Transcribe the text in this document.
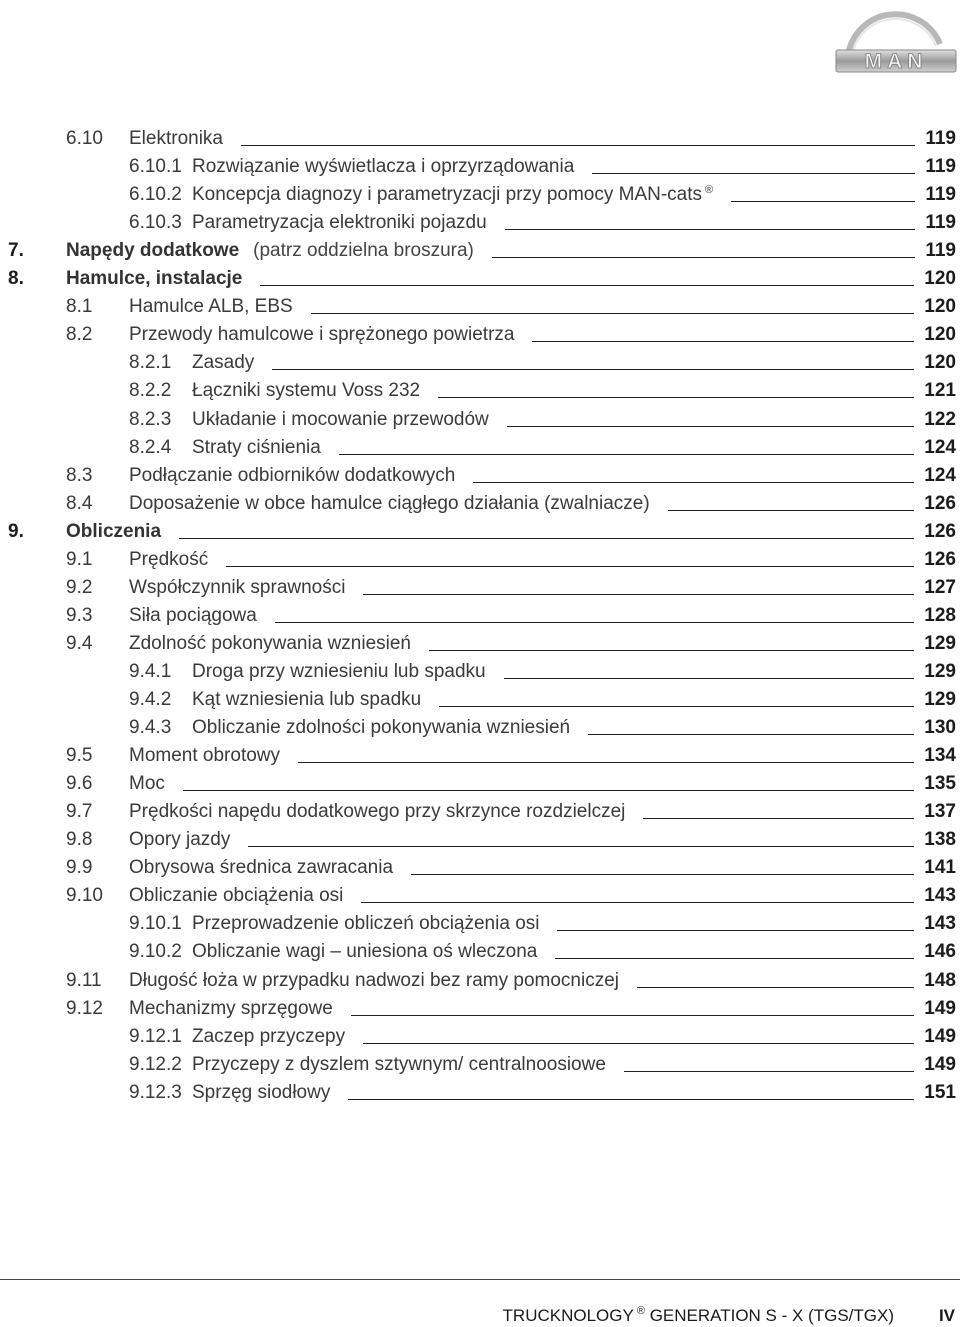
MAN
6.10 Elektronika	119
6.10.1 Rozwiązanie wyświetlacza i oprzyrządowania	119
6.10.2 Koncepcja diagnozy i parametryzacji przy pomocy MAN-cats ®	119
6.10.3 Parametryzacja elektroniki pojazdu	119
7. Napędy dodatkowe (patrz oddzielna broszura)	119
8. Hamulce, instalacje	120
8.1 Hamulce ALB, EBS	120
8.2 Przewody hamulcowe i sprężonego powietrza	120
8.2.1 Zasady	120
8.2.2 Łączniki systemu Voss 232	121
8.2.3 Układanie i mocowanie przewodów	122
8.2.4 Straty ciśnienia	124
8.3 Podłączanie odbiorników dodatkowych	124
8.4 Doposażenie w obce hamulce ciągłego działania (zwalniacze)	126
9. Obliczenia	126
9.1 Prędkość	126
9.2 Współczynnik sprawności	127
9.3 Siła pociągowa	128
9.4 Zdolność pokonywania wzniesień	129
9.4.1 Droga przy wzniesieniu lub spadku	129
9.4.2 Kąt wzniesienia lub spadku	129
9.4.3 Obliczanie zdolności pokonywania wzniesień	130
9.5 Moment obrotowy	134
9.6 Moc	135
9.7 Prędkości napędu dodatkowego przy skrzynce rozdzielczej	137
9.8 Opory jazdy	138
9.9 Obrysowa średnica zawracania	141
9.10 Obliczanie obciążenia osi	143
9.10.1 Przeprowadzenie obliczeń obciążenia osi	143
9.10.2 Obliczanie wagi – uniesiona oś wleczona	146
9.11 Długość łoża w przypadku nadwozi bez ramy pomocniczej	148
9.12 Mechanizmy sprzęgowe	149
9.12.1 Zaczep przyczepy	149
9.12.2 Przyczepy z dyszlem sztywnym/ centralnoosiowe	149
9.12.3 Sprzęg siodłowy	151
TRUCKNOLOGY ® GENERATION S - X (TGS/TGX)	IV
